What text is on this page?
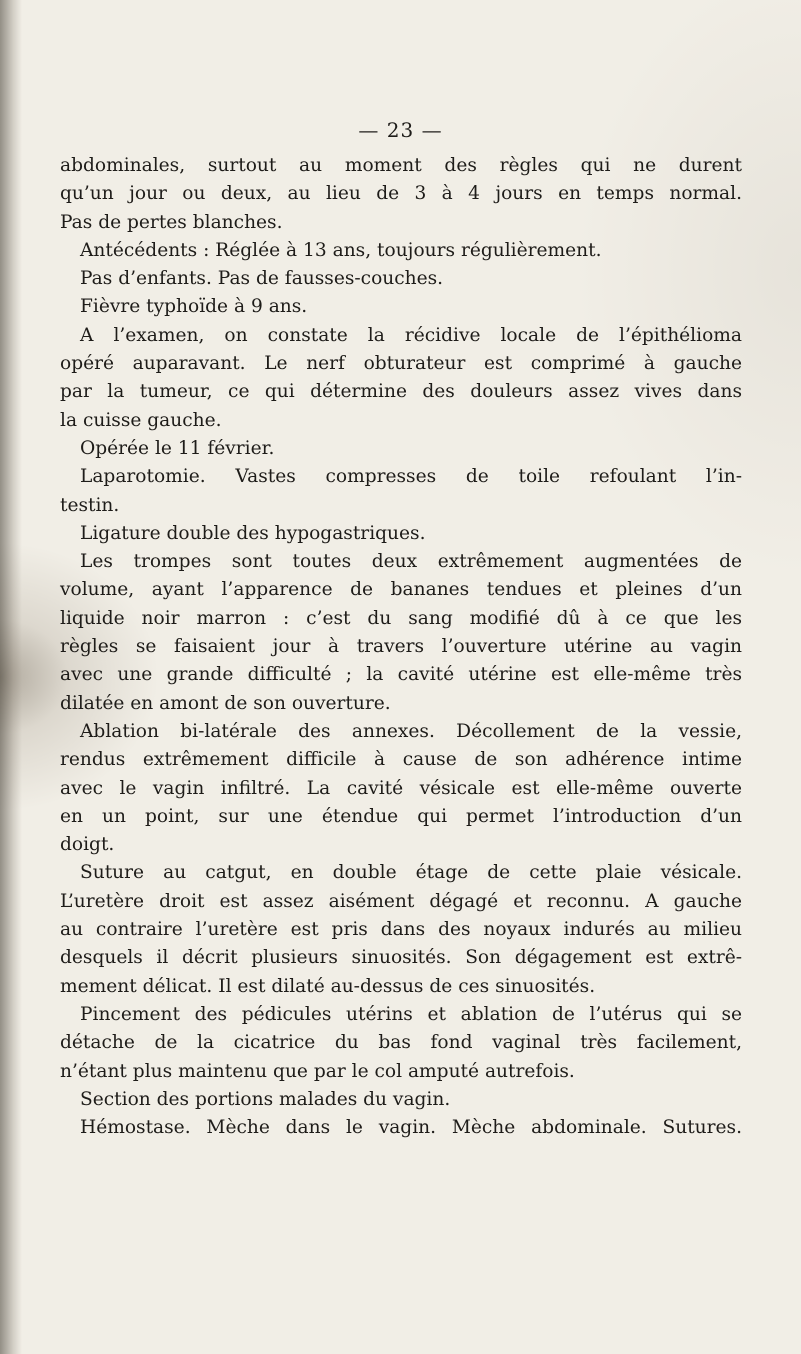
— 23 —
abdominales, surtout au moment des règles qui ne durent
qu’un jour ou deux, au lieu de 3 à 4 jours en temps normal.
Pas de pertes blanches.
Antécédents : Réglée à 13 ans, toujours régulièrement.
Pas d’enfants. Pas de fausses-couches.
Fièvre typhoïde à 9 ans.
A l’examen, on constate la récidive locale de l’épithélioma
opéré auparavant. Le nerf obturateur est comprimé à gauche
par la tumeur, ce qui détermine des douleurs assez vives dans
la cuisse gauche.
Opérée le 11 février.
Laparotomie. Vastes compresses de toile refoulant l’in-
testin.
Ligature double des hypogastriques.
Les trompes sont toutes deux extrêmement augmentées de
volume, ayant l’apparence de bananes tendues et pleines d’un
liquide noir marron : c’est du sang modifié dû à ce que les
règles se faisaient jour à travers l’ouverture utérine au vagin
avec une grande difficulté ; la cavité utérine est elle-même très
dilatée en amont de son ouverture.
Ablation bi-latérale des annexes. Décollement de la vessie,
rendus extrêmement difficile à cause de son adhérence intime
avec le vagin infiltré. La cavité vésicale est elle-même ouverte
en un point, sur une étendue qui permet l’introduction d’un
doigt.
Suture au catgut, en double étage de cette plaie vésicale.
L’uretère droit est assez aisément dégagé et reconnu. A gauche
au contraire l’uretère est pris dans des noyaux indurés au milieu
desquels il décrit plusieurs sinuosités. Son dégagement est extrê-
mement délicat. Il est dilaté au-dessus de ces sinuosités.
Pincement des pédicules utérins et ablation de l’utérus qui se
détache de la cicatrice du bas fond vaginal très facilement,
n’étant plus maintenu que par le col amputé autrefois.
Section des portions malades du vagin.
Hémostase. Mèche dans le vagin. Mèche abdominale. Sutures.
